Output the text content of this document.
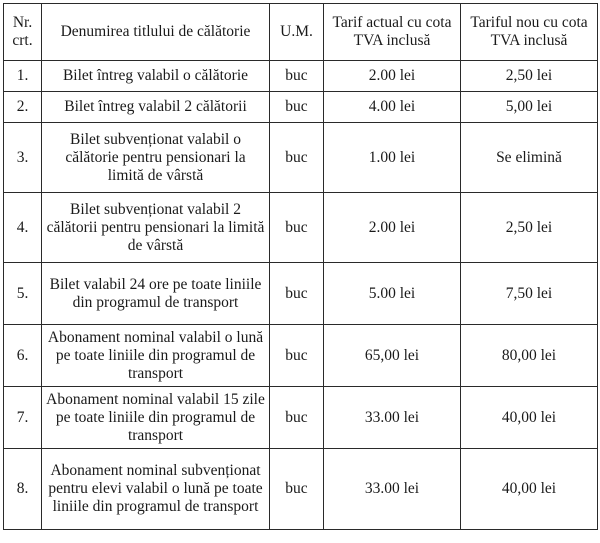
Nr. crt.	Denumirea titlului de călătorie	U.M.	Tarif actual cu cota TVA inclusă	Tariful nou cu cota TVA inclusă
1.	Bilet întreg valabil o călătorie	buc	2.00 lei	2,50 lei
2.	Bilet întreg valabil 2 călătorii	buc	4.00 lei	5,00 lei
3.	Bilet subvenționat valabil o călătorie pentru pensionari la limită de vârstă	buc	1.00 lei	Se elimină
4.	Bilet subvenționat valabil 2 călătorii pentru pensionari la limită de vârstă	buc	2.00 lei	2,50 lei
5.	Bilet valabil 24 ore pe toate liniile din programul de transport	buc	5.00 lei	7,50 lei
6.	Abonament nominal valabil o lună pe toate liniile din programul de transport	buc	65,00 lei	80,00 lei
7.	Abonament nominal valabil 15 zile pe toate liniile din programul de transport	buc	33.00 lei	40,00 lei
8.	Abonament nominal subvenționat pentru elevi valabil o lună pe toate liniile din programul de transport	buc	33.00 lei	40,00 lei
